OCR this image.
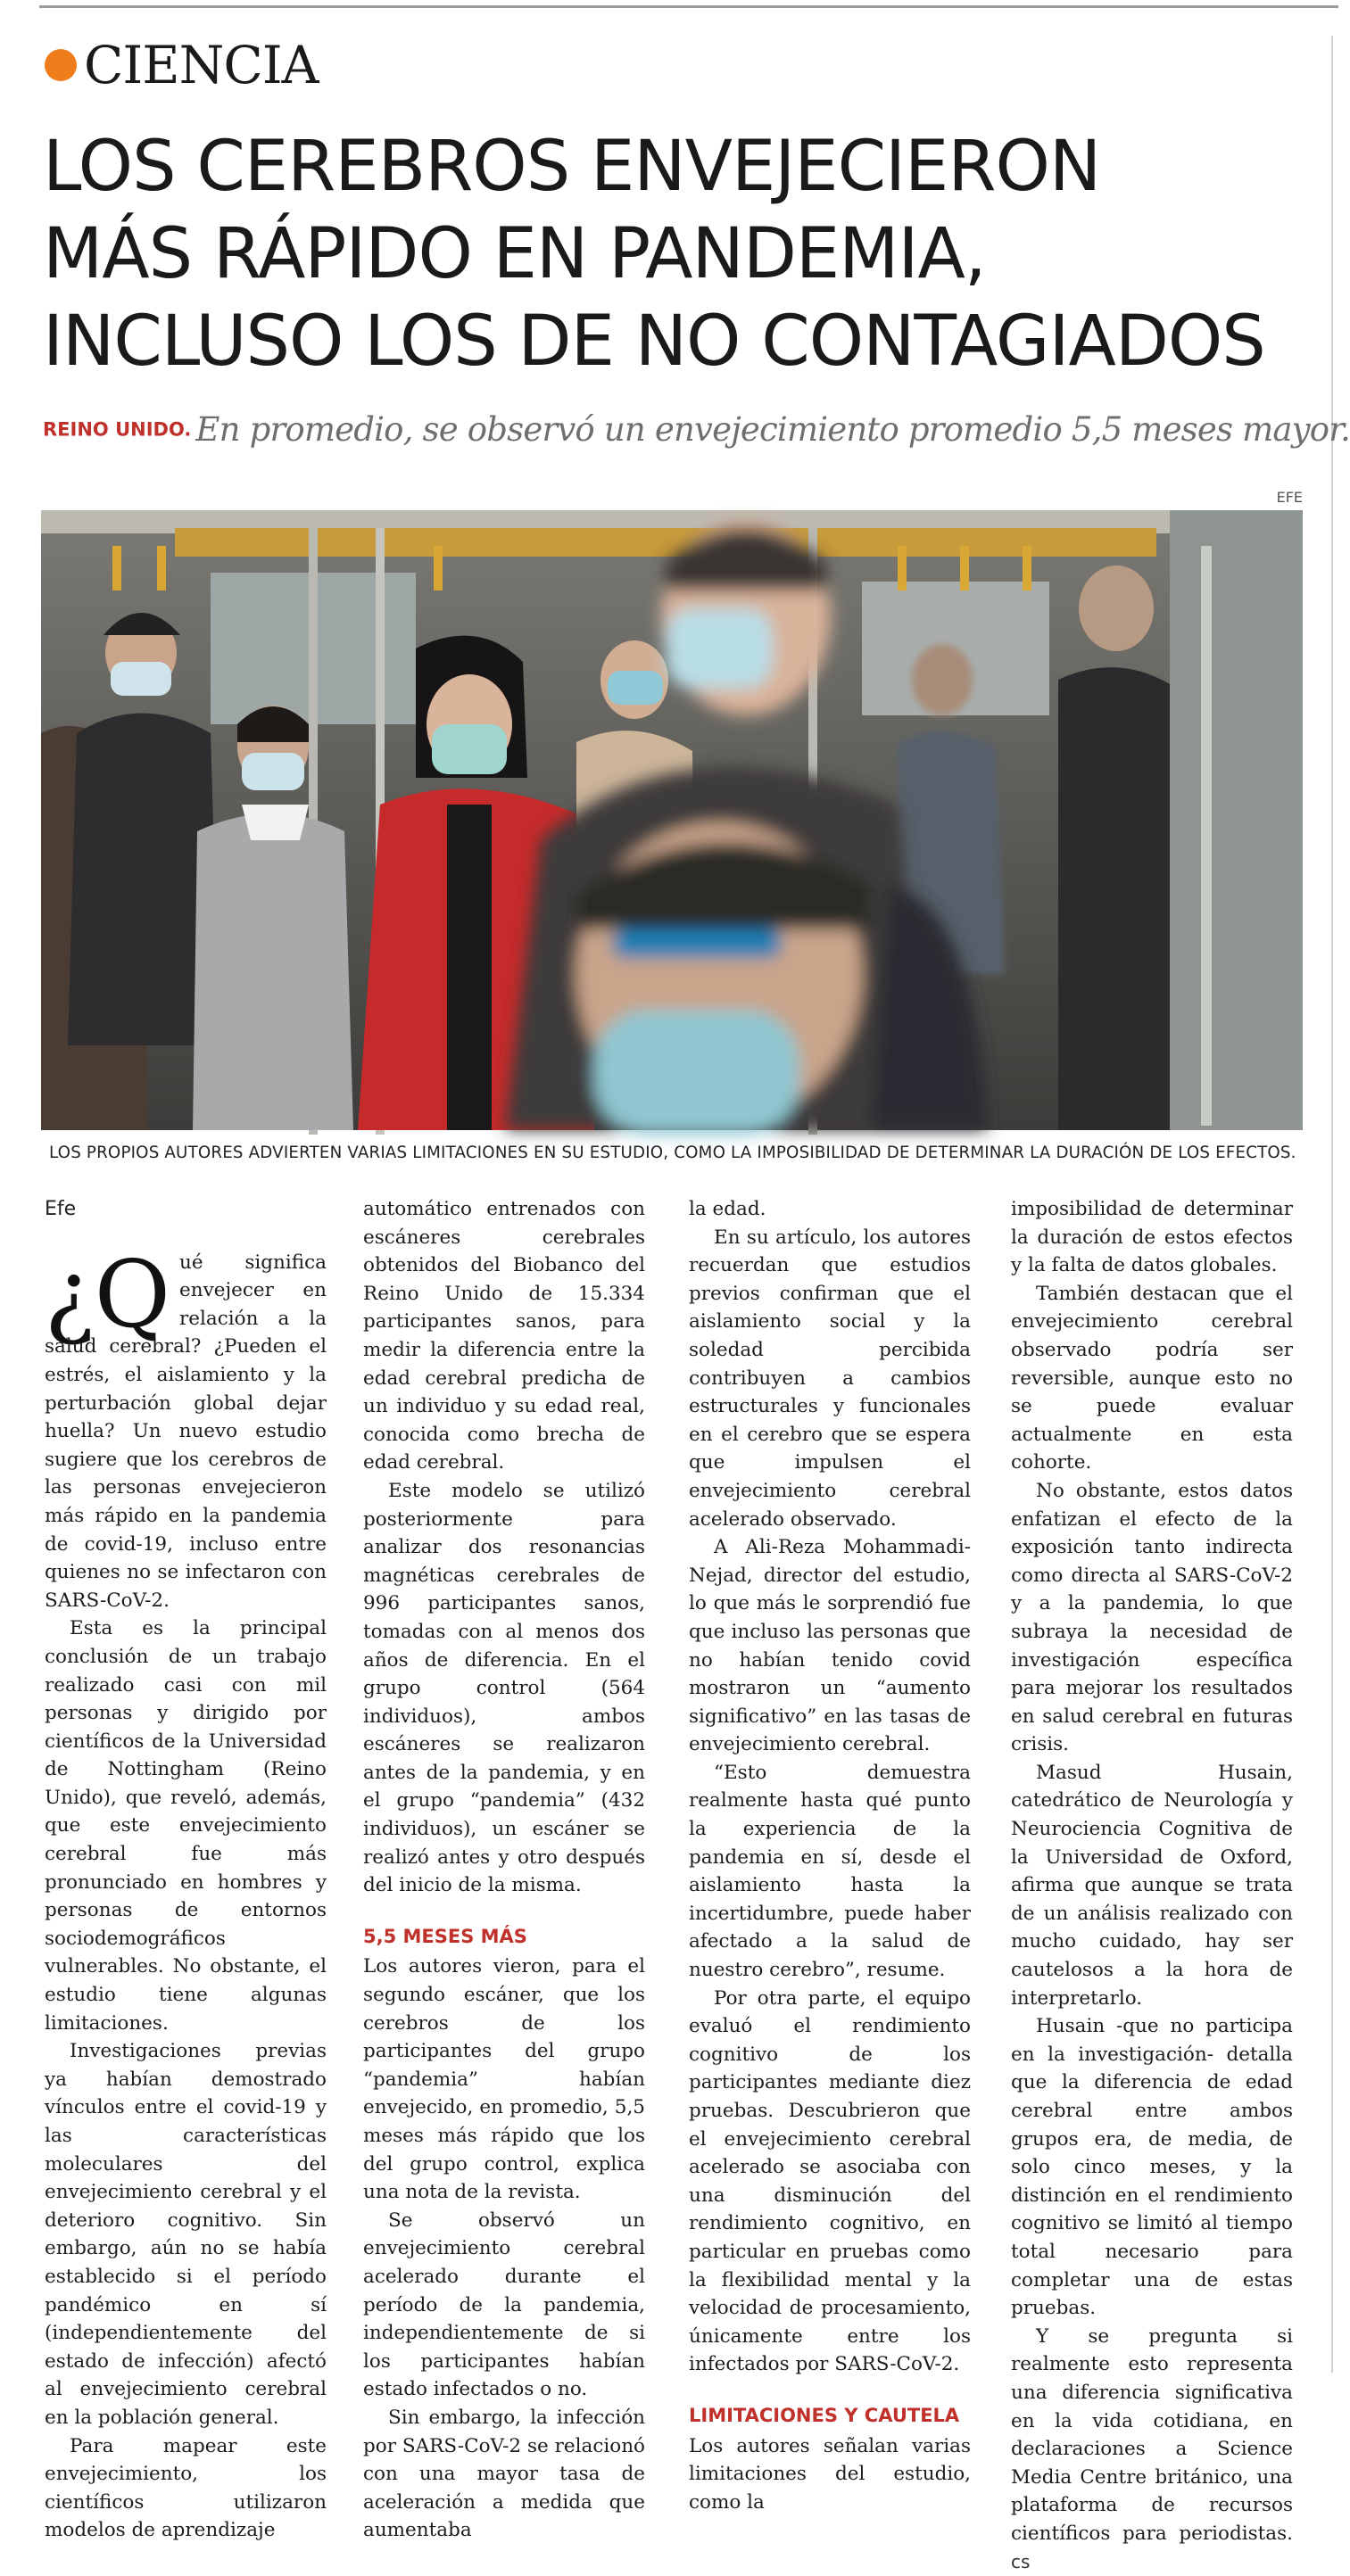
CIENCIA
LOS CEREBROS ENVEJECIERON
MÁS RÁPIDO EN PANDEMIA,
INCLUSO LOS DE NO CONTAGIADOS
REINO UNIDO. En promedio, se observó un envejecimiento promedio 5,5 meses mayor.
EFE
LOS PROPIOS AUTORES ADVIERTEN VARIAS LIMITACIONES EN SU ESTUDIO, COMO LA IMPOSIBILIDAD DE DETERMINAR LA DURACIÓN DE LOS EFECTOS.
Efe

¿Q ué significa envejecer en relación a la salud cerebral? ¿Pueden el estrés, el aislamiento y la perturbación global dejar huella? Un nuevo estudio sugiere que los cerebros de las personas envejecieron más rápido en la pandemia de covid-19, incluso entre quienes no se infectaron con SARS-CoV-2.

Esta es la principal conclusión de un trabajo realizado casi con mil personas y dirigido por científicos de la Universidad de Nottingham (Reino Unido), que reveló, además, que este envejecimiento cerebral fue más pronunciado en hombres y personas de entornos sociodemográficos vulnerables. No obstante, el estudio tiene algunas limitaciones.

Investigaciones previas ya habían demostrado vínculos entre el covid-19 y las características moleculares del envejecimiento cerebral y el deterioro cognitivo. Sin embargo, aún no se había establecido si el período pandémico en sí (independientemente del estado de infección) afectó al envejecimiento cerebral en la población general.

Para mapear este envejecimiento, los científicos utilizaron modelos de aprendizaje

automático entrenados con escáneres cerebrales obtenidos del Biobanco del Reino Unido de 15.334 participantes sanos, para medir la diferencia entre la edad cerebral predicha de un individuo y su edad real, conocida como brecha de edad cerebral.

Este modelo se utilizó posteriormente para analizar dos resonancias magnéticas cerebrales de 996 participantes sanos, tomadas con al menos dos años de diferencia. En el grupo control (564 individuos), ambos escáneres se realizaron antes de la pandemia, y en el grupo “pandemia” (432 individuos), un escáner se realizó antes y otro después del inicio de la misma.

5,5 MESES MÁS

Los autores vieron, para el segundo escáner, que los cerebros de los participantes del grupo “pandemia” habían envejecido, en promedio, 5,5 meses más rápido que los del grupo control, explica una nota de la revista.

Se observó un envejecimiento cerebral acelerado durante el período de la pandemia, independientemente de si los participantes habían estado infectados o no.

Sin embargo, la infección por SARS-CoV-2 se relacionó con una mayor tasa de aceleración a medida que aumentaba

la edad.

En su artículo, los autores recuerdan que estudios previos confirman que el aislamiento social y la soledad percibida contribuyen a cambios estructurales y funcionales en el cerebro que se espera que impulsen el envejecimiento cerebral acelerado observado.

A Ali-Reza Mohammadi-Nejad, director del estudio, lo que más le sorprendió fue que incluso las personas que no habían tenido covid mostraron un “aumento significativo” en las tasas de envejecimiento cerebral.

“Esto demuestra realmente hasta qué punto la experiencia de la pandemia en sí, desde el aislamiento hasta la incertidumbre, puede haber afectado a la salud de nuestro cerebro”, resume.

Por otra parte, el equipo evaluó el rendimiento cognitivo de los participantes mediante diez pruebas. Descubrieron que el envejecimiento cerebral acelerado se asociaba con una disminución del rendimiento cognitivo, en particular en pruebas como la flexibilidad mental y la velocidad de procesamiento, únicamente entre los infectados por SARS-CoV-2.

LIMITACIONES Y CAUTELA

Los autores señalan varias limitaciones del estudio, como la

imposibilidad de determinar la duración de estos efectos y la falta de datos globales.

También destacan que el envejecimiento cerebral observado podría ser reversible, aunque esto no se puede evaluar actualmente en esta cohorte.

No obstante, estos datos enfatizan el efecto de la exposición tanto indirecta como directa al SARS-CoV-2 y a la pandemia, lo que subraya la necesidad de investigación específica para mejorar los resultados en salud cerebral en futuras crisis.

Masud Husain, catedrático de Neurología y Neurociencia Cognitiva de la Universidad de Oxford, afirma que aunque se trata de un análisis realizado con mucho cuidado, hay ser cautelosos a la hora de interpretarlo.

Husain -que no participa en la investigación- detalla que la diferencia de edad cerebral entre ambos grupos era, de media, de solo cinco meses, y la distinción en el rendimiento cognitivo se limitó al tiempo total necesario para completar una de estas pruebas.

Y se pregunta si realmente esto representa una diferencia significativa en la vida cotidiana, en declaraciones a Science Media Centre británico, una plataforma de recursos científicos para periodistas. cs
